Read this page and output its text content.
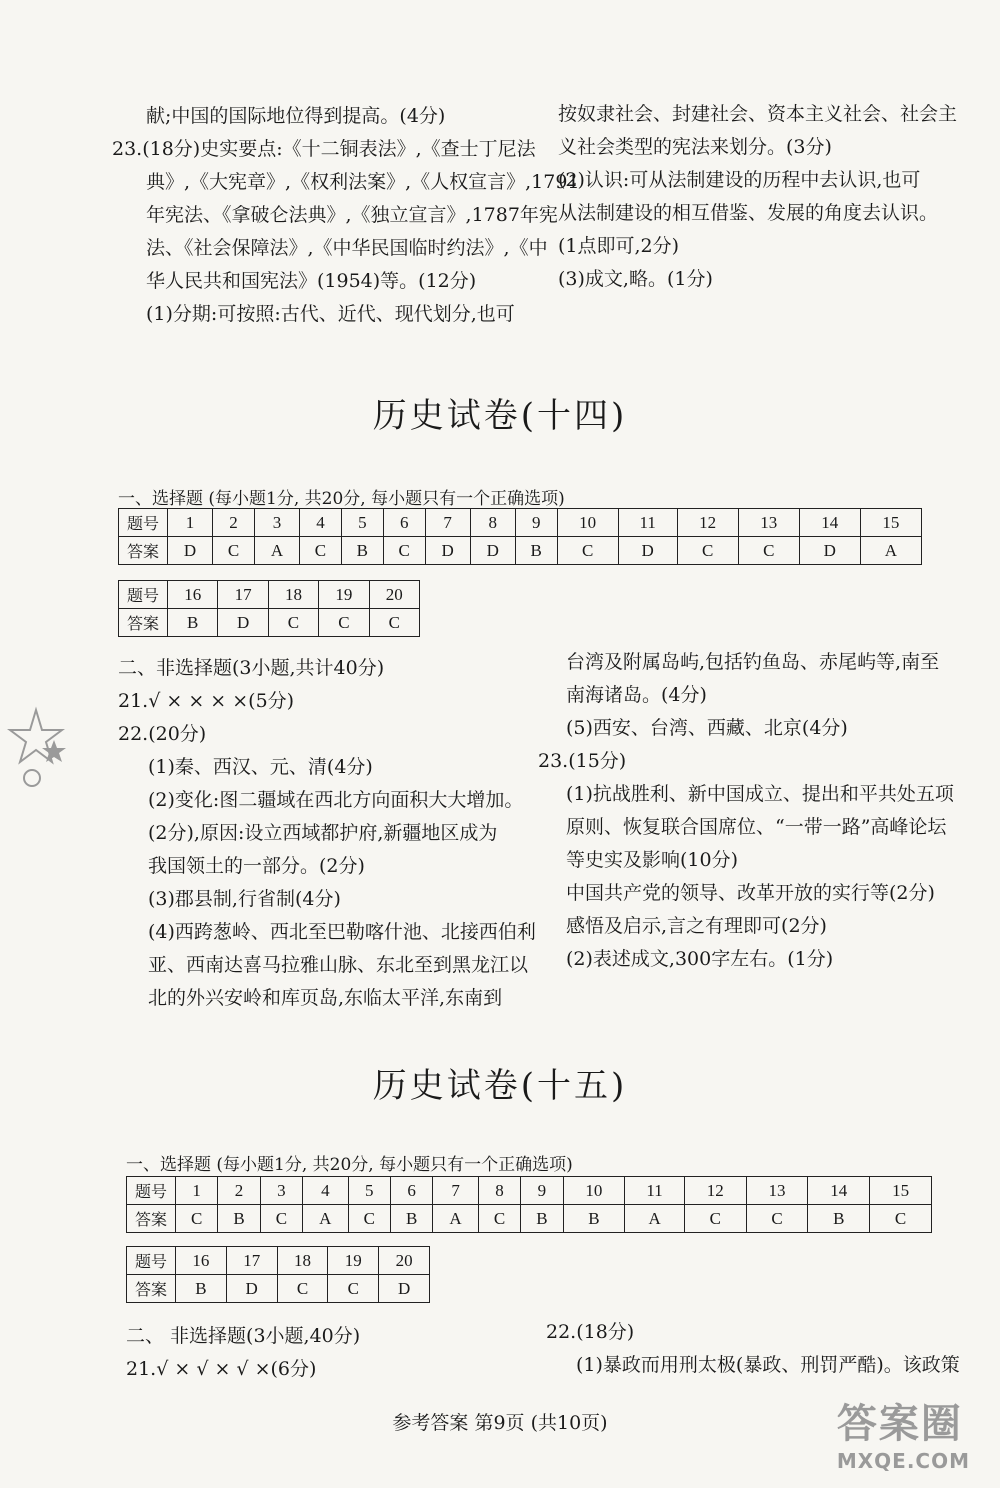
献;中国的国际地位得到提高。(4分)
23.(18分)史实要点:《十二铜表法》,《查士丁尼法
典》,《大宪章》,《权利法案》,《人权宣言》,1791
年宪法、《拿破仑法典》,《独立宣言》,1787年宪
法、《社会保障法》,《中华民国临时约法》,《中
华人民共和国宪法》(1954)等。(12分)
(1)分期:可按照:古代、近代、现代划分,也可
按奴隶社会、封建社会、资本主义社会、社会主
义社会类型的宪法来划分。(3分)
(2)认识:可从法制建设的历程中去认识,也可
从法制建设的相互借鉴、发展的角度去认识。
(1点即可,2分)
(3)成文,略。(1分)
历史试卷(十四)
一、选择题 (每小题1分, 共20分, 每小题只有一个正确选项)
题号	1	2	3	4	5	6	7	8	9	10	11	12	13	14	15
答案	D	C	A	C	B	C	D	D	B	C	D	C	C	D	A
题号	16	17	18	19	20
答案	B	D	C	C	C
二、非选择题(3小题,共计40分)
21.√ × × × ×(5分)
22.(20分)
(1)秦、西汉、元、清(4分)
(2)变化:图二疆域在西北方向面积大大增加。
(2分),原因:设立西域都护府,新疆地区成为
我国领土的一部分。(2分)
(3)郡县制,行省制(4分)
(4)西跨葱岭、西北至巴勒喀什池、北接西伯利
亚、西南达喜马拉雅山脉、东北至到黑龙江以
北的外兴安岭和库页岛,东临太平洋,东南到
台湾及附属岛屿,包括钓鱼岛、赤尾屿等,南至
南海诸岛。(4分)
(5)西安、台湾、西藏、北京(4分)
23.(15分)
(1)抗战胜利、新中国成立、提出和平共处五项
原则、恢复联合国席位、“一带一路”高峰论坛
等史实及影响(10分)
中国共产党的领导、改革开放的实行等(2分)
感悟及启示,言之有理即可(2分)
(2)表述成文,300字左右。(1分)
历史试卷(十五)
一、选择题 (每小题1分, 共20分, 每小题只有一个正确选项)
题号	1	2	3	4	5	6	7	8	9	10	11	12	13	14	15
答案	C	B	C	A	C	B	A	C	B	B	A	C	C	B	C
题号	16	17	18	19	20
答案	B	D	C	C	D
二、 非选择题(3小题,40分)
21.√ × √ × √ ×(6分)
22.(18分)
(1)暴政而用刑太极(暴政、刑罚严酷)。该政策
参考答案 第9页 (共10页)	答案圈
MXQE.COM
